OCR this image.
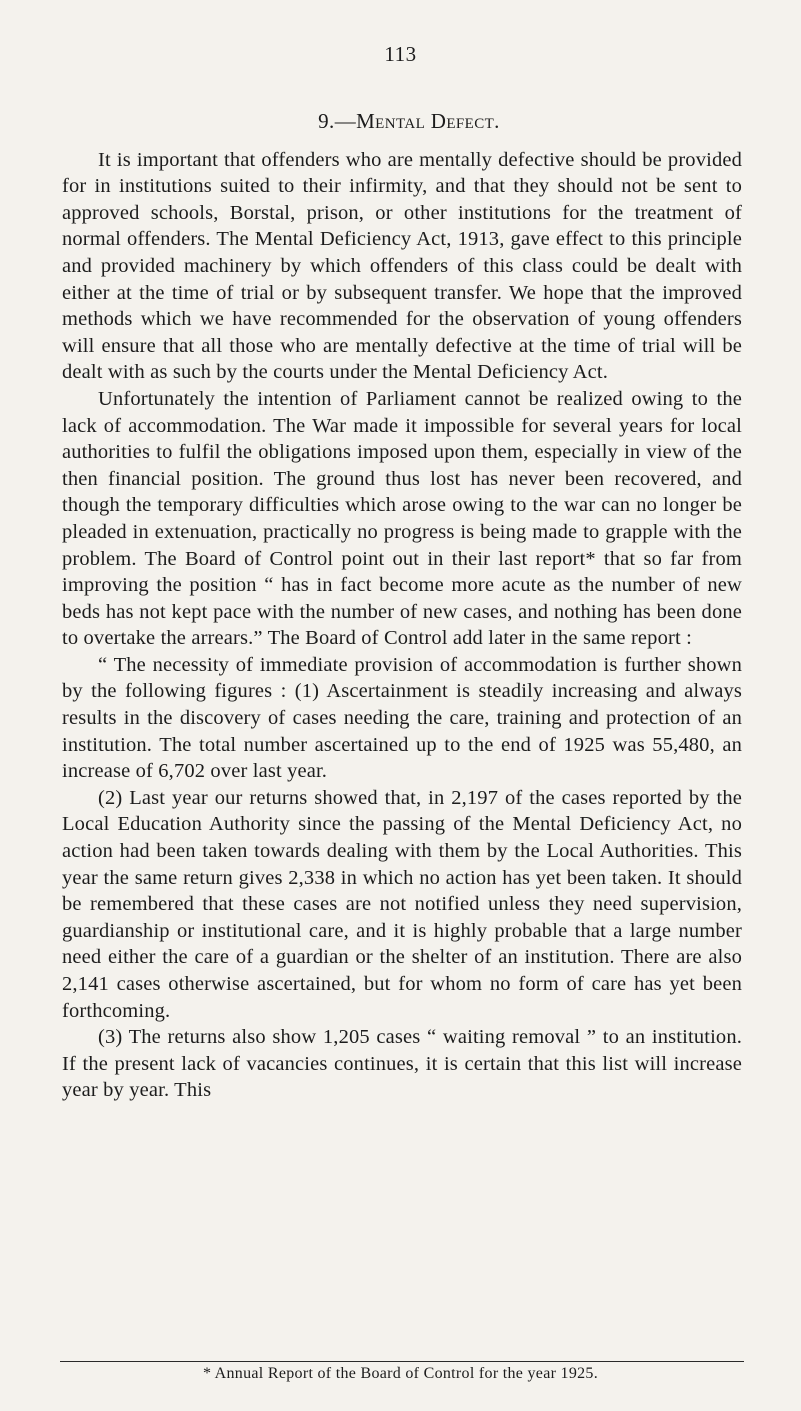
113
9.—Mental Defect.

It is important that offenders who are mentally defective should be provided for in institutions suited to their infirmity, and that they should not be sent to approved schools, Borstal, prison, or other institutions for the treatment of normal offenders. The Mental Deficiency Act, 1913, gave effect to this principle and provided machinery by which offenders of this class could be dealt with either at the time of trial or by subsequent transfer. We hope that the improved methods which we have recommended for the observation of young offenders will ensure that all those who are mentally defective at the time of trial will be dealt with as such by the courts under the Mental Deficiency Act.

Unfortunately the intention of Parliament cannot be realized owing to the lack of accommodation. The War made it impossible for several years for local authorities to fulfil the obligations imposed upon them, especially in view of the then financial position. The ground thus lost has never been recovered, and though the temporary difficulties which arose owing to the war can no longer be pleaded in extenuation, practically no progress is being made to grapple with the problem. The Board of Control point out in their last report* that so far from improving the position “ has in fact become more acute as the number of new beds has not kept pace with the number of new cases, and nothing has been done to overtake the arrears.” The Board of Control add later in the same report :

“ The necessity of immediate provision of accommodation is further shown by the following figures : (1) Ascertainment is steadily increasing and always results in the discovery of cases needing the care, training and protection of an institution. The total number ascertained up to the end of 1925 was 55,480, an increase of 6,702 over last year.

(2) Last year our returns showed that, in 2,197 of the cases reported by the Local Education Authority since the passing of the Mental Deficiency Act, no action had been taken towards dealing with them by the Local Authorities. This year the same return gives 2,338 in which no action has yet been taken. It should be remembered that these cases are not notified unless they need supervision, guardianship or institutional care, and it is highly probable that a large number need either the care of a guardian or the shelter of an institution. There are also 2,141 cases otherwise ascertained, but for whom no form of care has yet been forthcoming.

(3) The returns also show 1,205 cases “ waiting removal ” to an institution. If the present lack of vacancies continues, it is certain that this list will increase year by year. This

* Annual Report of the Board of Control for the year 1925.
